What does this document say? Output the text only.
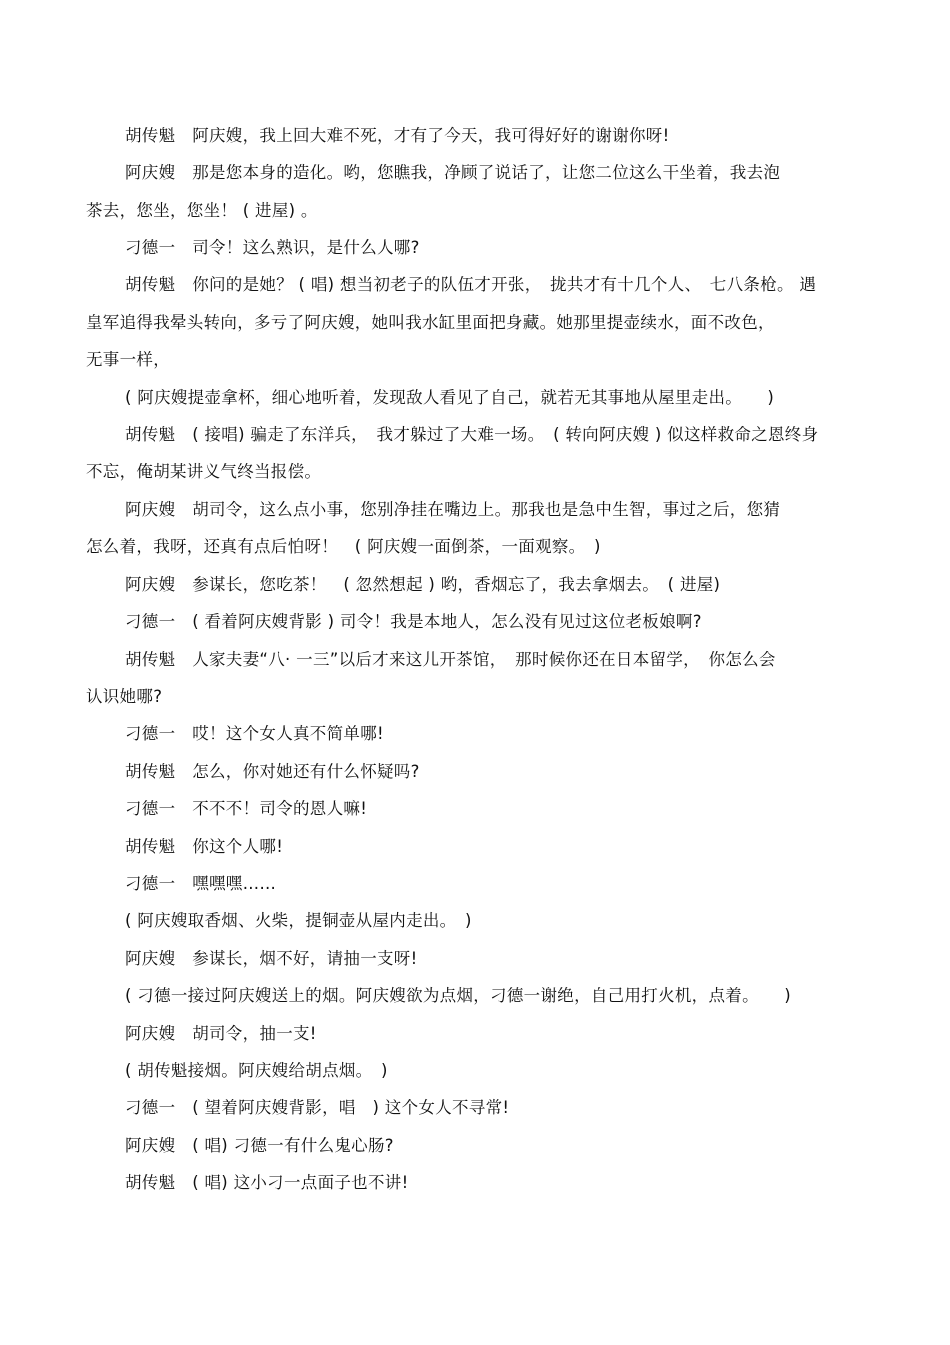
胡传魁　阿庆嫂，我上回大难不死，才有了今天，我可得好好的谢谢你呀!
阿庆嫂　那是您本身的造化。哟，您瞧我，净顾了说话了，让您二位这么干坐着，我去泡
茶去，您坐，您坐！ ( 进屋) 。
刁德一　司令！这么熟识，是什么人哪?
胡传魁　你问的是她？ ( 唱) 想当初老子的队伍才开张，　拢共才有十几个人、　七八条枪。 遇
皇军追得我晕头转向，多亏了阿庆嫂，她叫我水缸里面把身藏。她那里提壶续水，面不改色，
无事一样，
( 阿庆嫂提壶拿杯，细心地听着，发现敌人看见了自己，就若无其事地从屋里走出。　　)
胡传魁　( 接唱) 骗走了东洋兵，　我才躲过了大难一场。　( 转向阿庆嫂 ) 似这样救命之恩终身
不忘，俺胡某讲义气终当报偿。
阿庆嫂　胡司令，这么点小事，您别净挂在嘴边上。那我也是急中生智，事过之后，您猜
怎么着，我呀，还真有点后怕呀！　( 阿庆嫂一面倒茶，一面观察。　)
阿庆嫂　参谋长，您吃茶！　( 忽然想起 ) 哟，香烟忘了，我去拿烟去。　( 进屋)
刁德一　( 看着阿庆嫂背影 ) 司令！我是本地人，怎么没有见过这位老板娘啊?
胡传魁　人家夫妻“八· 一三”以后才来这儿开茶馆，　那时候你还在日本留学，　你怎么会
认识她哪?
刁德一　哎！这个女人真不简单哪!
胡传魁　怎么，你对她还有什么怀疑吗?
刁德一　不不不！司令的恩人嘛!
胡传魁　你这个人哪!
刁德一　嘿嘿嘿……
( 阿庆嫂取香烟、火柴，提铜壶从屋内走出。　)
阿庆嫂　参谋长，烟不好，请抽一支呀!
( 刁德一接过阿庆嫂送上的烟。阿庆嫂欲为点烟，刁德一谢绝，自己用打火机，点着。　　)
阿庆嫂　胡司令，抽一支!
( 胡传魁接烟。阿庆嫂给胡点烟。　)
刁德一　( 望着阿庆嫂背影，唱　) 这个女人不寻常!
阿庆嫂　( 唱) 刁德一有什么鬼心肠?
胡传魁　( 唱) 这小刁一点面子也不讲!
